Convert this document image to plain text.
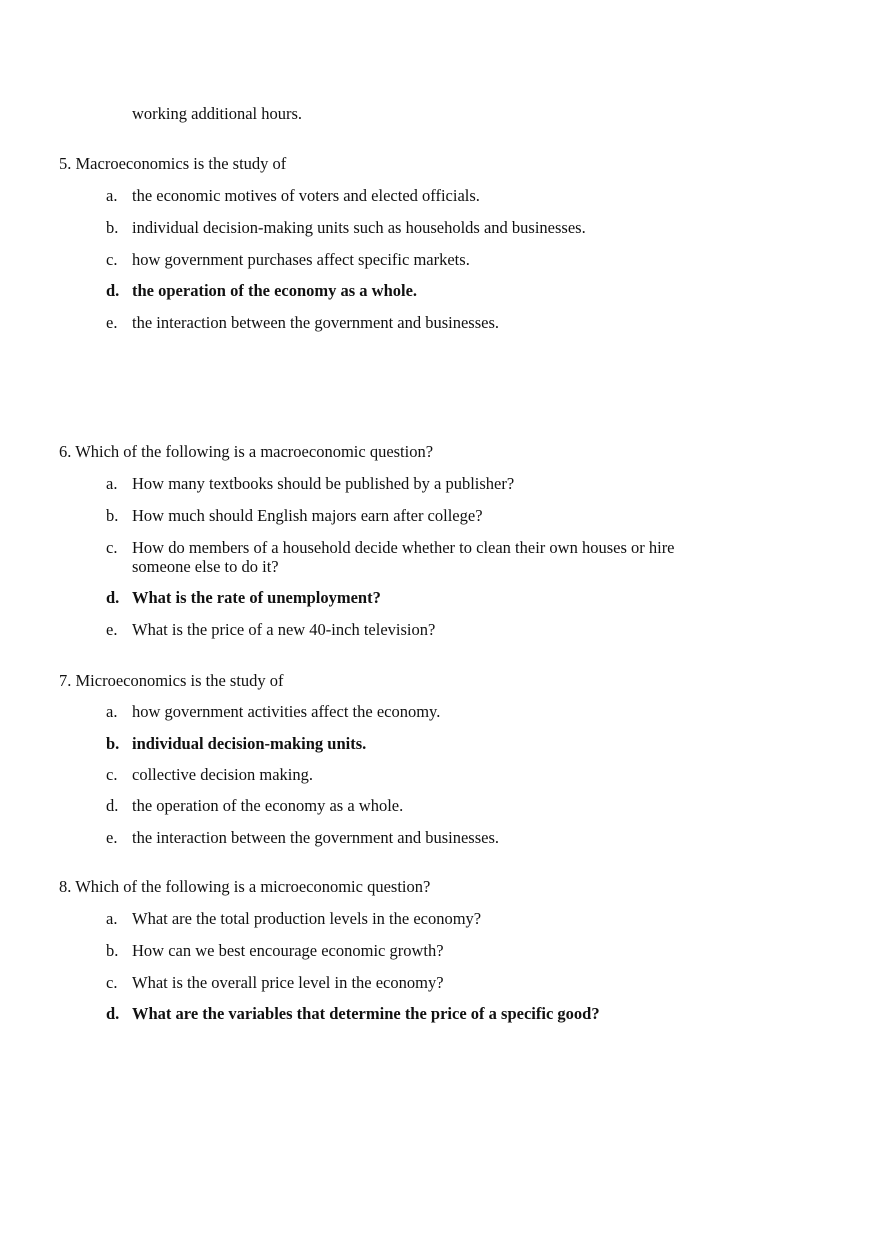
working additional hours.
5. Macroeconomics is the study of
a. the economic motives of voters and elected officials.
b. individual decision-making units such as households and businesses.
c. how government purchases affect specific markets.
d. the operation of the economy as a whole.
e. the interaction between the government and businesses.
6. Which of the following is a macroeconomic question?
a. How many textbooks should be published by a publisher?
b. How much should English majors earn after college?
c. How do members of a household decide whether to clean their own houses or hire someone else to do it?
d. What is the rate of unemployment?
e. What is the price of a new 40-inch television?
7. Microeconomics is the study of
a. how government activities affect the economy.
b. individual decision-making units.
c. collective decision making.
d. the operation of the economy as a whole.
e. the interaction between the government and businesses.
8. Which of the following is a microeconomic question?
a. What are the total production levels in the economy?
b. How can we best encourage economic growth?
c. What is the overall price level in the economy?
d. What are the variables that determine the price of a specific good?
